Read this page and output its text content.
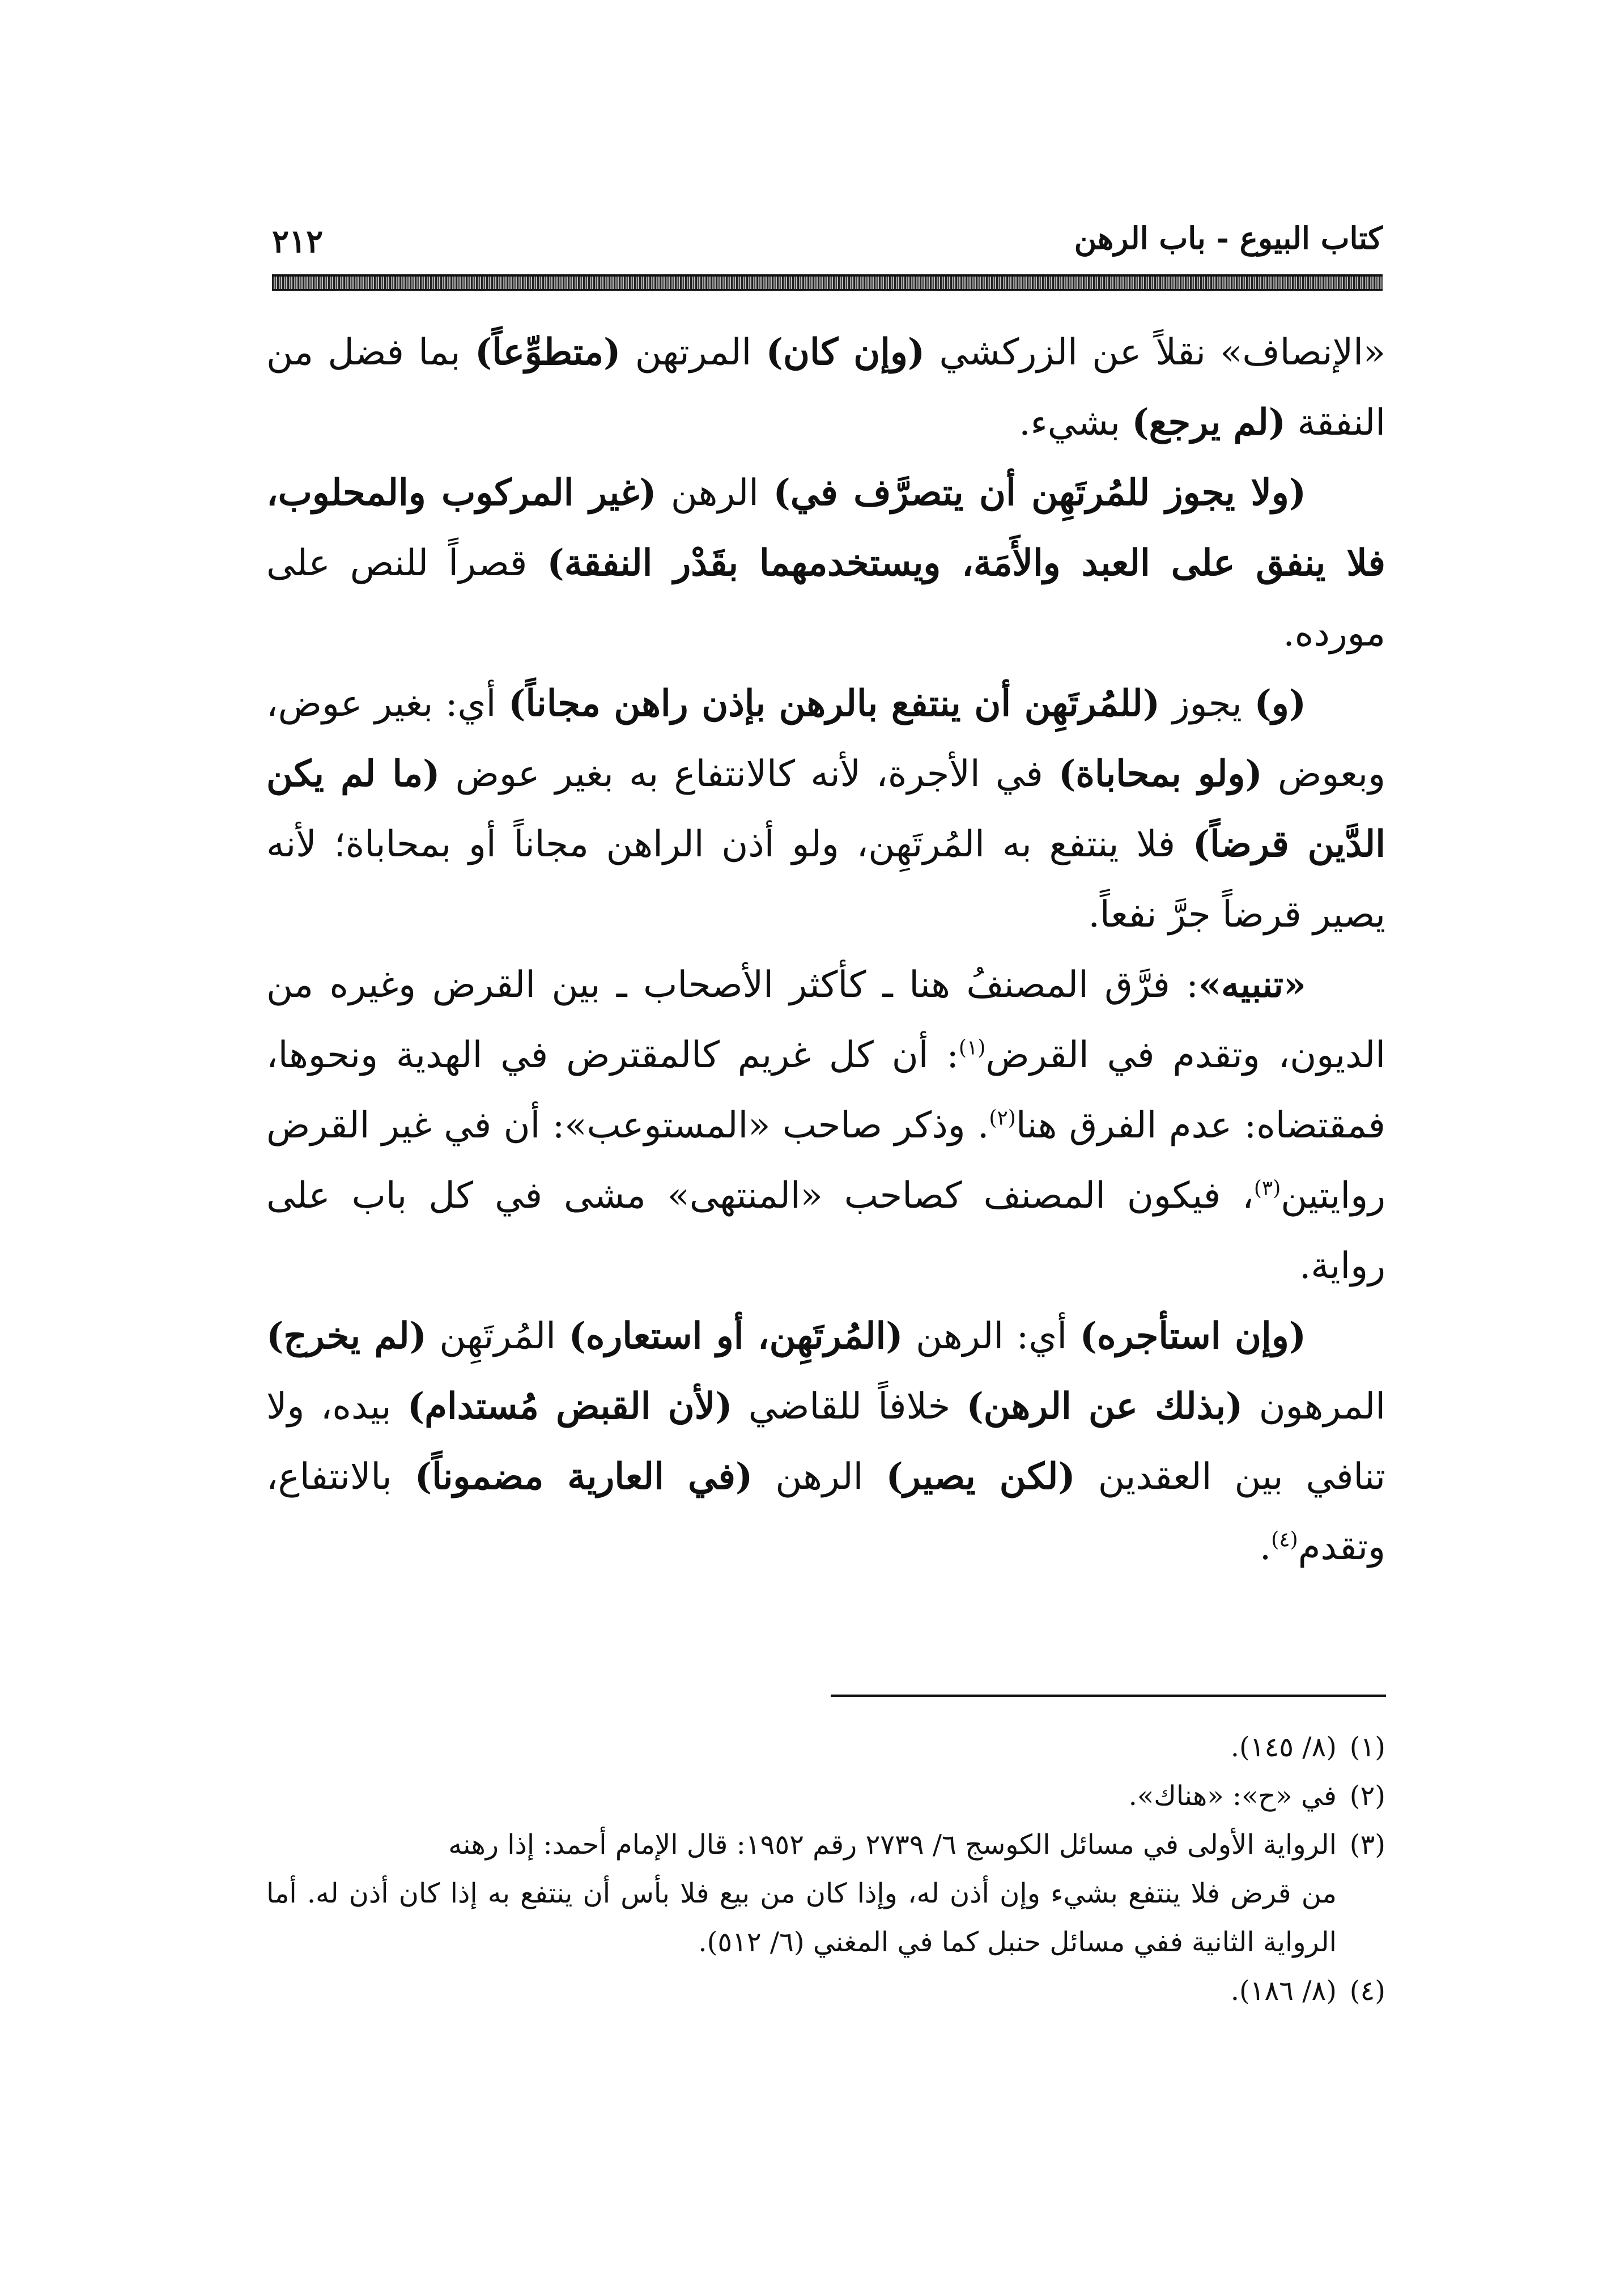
كتاب البيوع - باب الرهن
٢١٢

«الإنصاف» نقلاً عن الزركشي (وإن كان) المرتهن (متطوِّعاً) بما فضل من النفقة (لم يرجع) بشيء.

(ولا يجوز للمُرتَهِن أن يتصرَّف في) الرهن (غير المركوب والمحلوب، فلا ينفق على العبد والأَمَة، ويستخدمهما بقَدْر النفقة) قصراً للنص على مورده.

(و) يجوز (للمُرتَهِن أن ينتفع بالرهن بإذن راهن مجاناً) أي: بغير عوض، وبعوض (ولو بمحاباة) في الأجرة، لأنه كالانتفاع به بغير عوض (ما لم يكن الدَّين قرضاً) فلا ينتفع به المُرتَهِن، ولو أذن الراهن مجاناً أو بمحاباة؛ لأنه يصير قرضاً جرَّ نفعاً.

«تنبيه»: فرَّق المصنفُ هنا ـ كأكثر الأصحاب ـ بين القرض وغيره من الديون، وتقدم في القرض$^{(١)}$: أن كل غريم كالمقترض في الهدية ونحوها، فمقتضاه: عدم الفرق هنا$^{(٢)}$. وذكر صاحب «المستوعب»: أن في غير القرض روايتين$^{(٣)}$، فيكون المصنف كصاحب «المنتهى» مشى في كل باب على رواية.

(وإن استأجره) أي: الرهن (المُرتَهِن، أو استعاره) المُرتَهِن (لم يخرج) المرهون (بذلك عن الرهن) خلافاً للقاضي (لأن القبض مُستدام) بيده، ولا تنافي بين العقدين (لكن يصير) الرهن (في العارية مضموناً) بالانتفاع، وتقدم$^{(٤)}$.

(١)(٨/ ١٤٥).

(٢)في «ح»: «هناك».

(٣)الرواية الأولى في مسائل الكوسج ٦/ ٢٧٣٩ رقم ١٩٥٢: قال الإمام أحمد: إذا رهنه

من قرض فلا ينتفع بشيء وإن أذن له، وإذا كان من بيع فلا بأس أن ينتفع به إذا كان أذن له. أما الرواية الثانية ففي مسائل حنبل كما في المغني (٦/ ٥١٢).

(٤)(٨/ ١٨٦).
